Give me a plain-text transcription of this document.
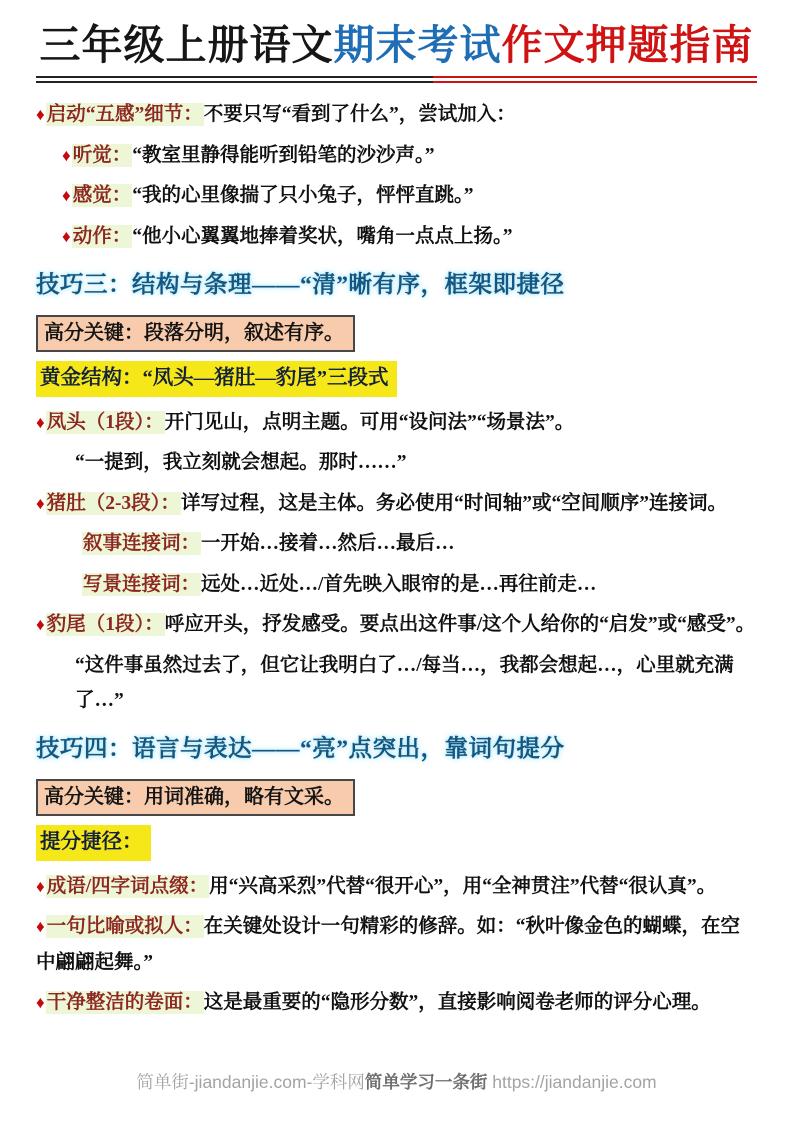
三年级上册语文期末考试作文押题指南

♦ 启动“五感”细节：不要只写“看到了什么”，尝试加入：

♦ 听觉：“教室里静得能听到铅笔的沙沙声。”

♦ 感觉：“我的心里像揣了只小兔子，怦怦直跳。”

♦ 动作：“他小心翼翼地捧着奖状，嘴角一点点上扬。”

技巧三：结构与条理——“清”晰有序，框架即捷径

高分关键：段落分明，叙述有序。

黄金结构：“凤头—猪肚—豹尾”三段式

♦ 凤头（1段）：开门见山，点明主题。可用“设问法”“场景法”。

“一提到，我立刻就会想起。那时……”

♦ 猪肚（2-3段）：详写过程，这是主体。务必使用“时间轴”或“空间顺序”连接词。

叙事连接词：一开始…接着…然后…最后…

写景连接词：远处…近处…/首先映入眼帘的是…再往前走…

♦ 豹尾（1段）：呼应开头，抒发感受。要点出这件事/这个人给你的“启发”或“感受”。

“这件事虽然过去了，但它让我明白了…/每当…，我都会想起…，心里就充满了…”

技巧四：语言与表达——“亮”点突出，靠词句提分

高分关键：用词准确，略有文采。

提分捷径：

♦ 成语/四字词点缀：用“兴高采烈”代替“很开心”，用“全神贯注”代替“很认真”。

♦ 一句比喻或拟人：在关键处设计一句精彩的修辞。如：“秋叶像金色的蝴蝶，在空中翩翩起舞。”

♦ 干净整洁的卷面：这是最重要的“隐形分数”，直接影响阅卷老师的评分心理。

简单街-jiandanjie.com-学科网简单学习一条街 https://jiandanjie.com
